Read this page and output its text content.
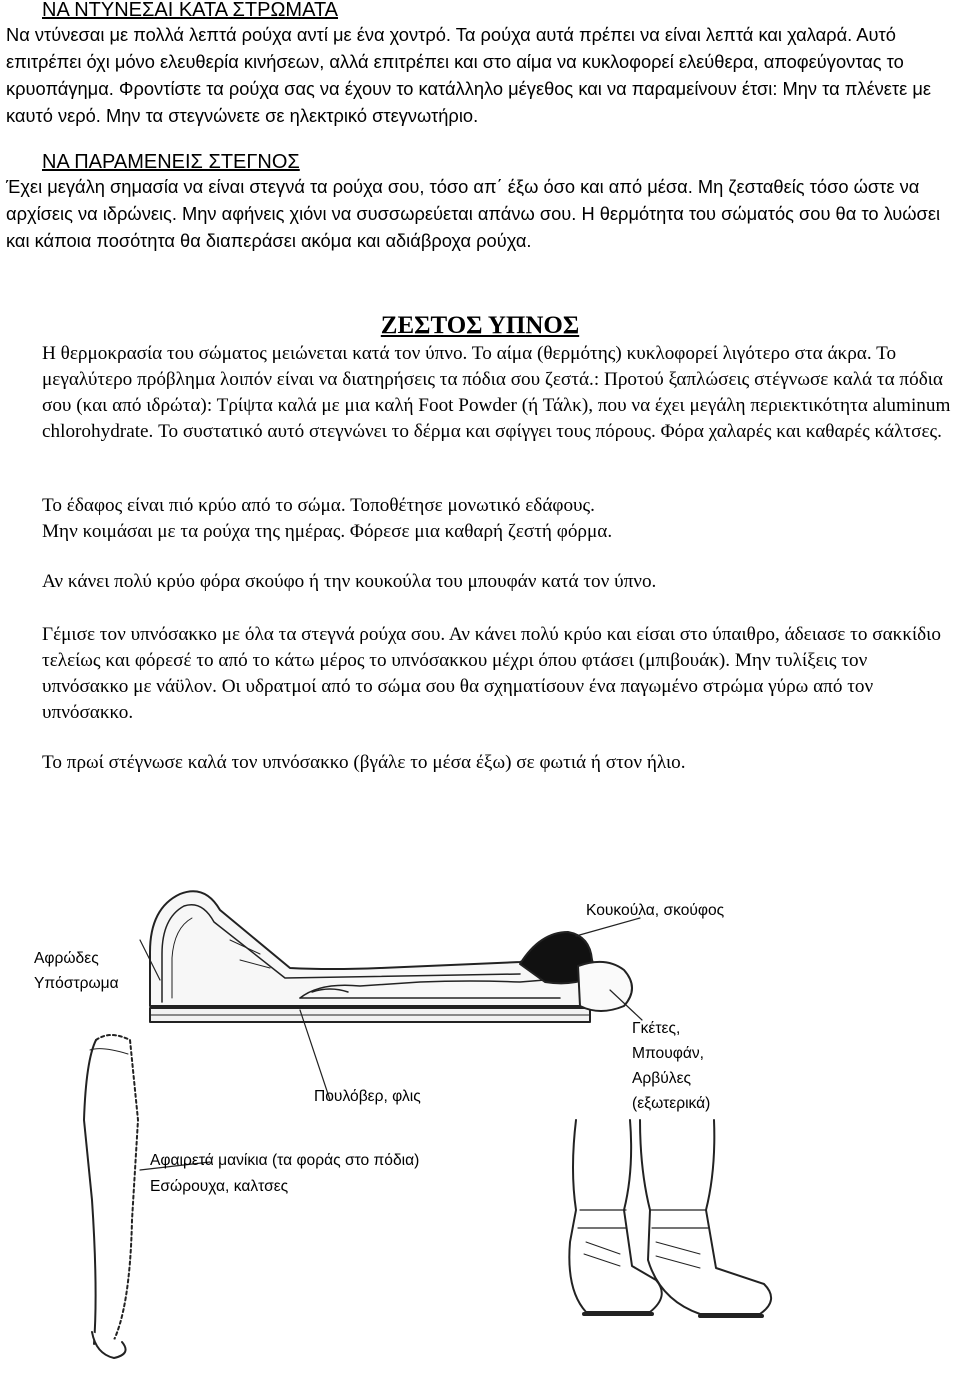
ΝΑ ΝΤΥΝΕΣΑΙ ΚΑΤΑ ΣΤΡΩΜΑΤΑ

Να ντύνεσαι με πολλά λεπτά ρούχα αντί με ένα χοντρό. Τα ρούχα αυτά πρέπει να είναι λεπτά και χαλαρά. Αυτό επιτρέπει όχι μόνο ελευθερία κινήσεων, αλλά επιτρέπει και στο αίμα να κυκλοφορεί ελεύθερα, αποφεύγοντας το κρυοπάγημα. Φροντίστε τα ρούχα σας να έχουν το κατάλληλο μέγεθος και να παραμείνουν έτσι: Μην τα πλένετε με καυτό νερό. Μην τα στεγνώνετε σε ηλεκτρικό στεγνωτήριο.

ΝΑ ΠΑΡΑΜΕΝΕΙΣ ΣΤΕΓΝΟΣ

Έχει μεγάλη σημασία να είναι στεγνά τα ρούχα σου, τόσο απ΄ έξω όσο και από μέσα. Μη ζεσταθείς τόσο ώστε να αρχίσεις να ιδρώνεις. Μην αφήνεις χιόνι να συσσωρεύεται απάνω σου. Η θερμότητα του σώματός σου θα το λυώσει και κάποια ποσότητα θα διαπεράσει ακόμα και αδιάβροχα ρούχα.

ΖΕΣΤΟΣ ΥΠΝΟΣ

Η θερμοκρασία του σώματος μειώνεται κατά τον ύπνο. Το αίμα (θερμότης) κυκλοφορεί λιγότερο στα άκρα. Το μεγαλύτερο πρόβλημα λοιπόν είναι να διατηρήσεις τα πόδια σου ζεστά.: Προτού ξαπλώσεις στέγνωσε καλά τα πόδια σου (και από ιδρώτα): Τρίψτα καλά με μια καλή Foot Powder (ή Τάλκ), που να έχει μεγάλη περιεκτικότητα aluminum chlorohydrate. Το συστατικό αυτό στεγνώνει το δέρμα και σφίγγει τους πόρους. Φόρα χαλαρές και καθαρές κάλτσες.

Το έδαφος είναι πιό κρύο από το σώμα. Τοποθέτησε μονωτικό εδάφους.

Μην κοιμάσαι με τα ρούχα της ημέρας. Φόρεσε μια καθαρή ζεστή φόρμα.

Αν κάνει πολύ κρύο φόρα σκούφο ή την κουκούλα του μπουφάν κατά τον ύπνο.

Γέμισε τον υπνόσακκο με όλα τα στεγνά ρούχα σου. Αν κάνει πολύ κρύο και είσαι στο ύπαιθρο, άδειασε το σακκίδιο τελείως και φόρεσέ το από το κάτω μέρος το υπνόσακκου μέχρι όπου φτάσει (μπιβουάκ). Μην τυλίξεις τον υπνόσακκο με νάϋλον. Οι υδρατμοί από το σώμα σου θα σχηματίσουν ένα παγωμένο στρώμα γύρω από τον υπνόσακκο.

Το πρωί στέγνωσε καλά τον υπνόσακκο (βγάλε το μέσα έξω) σε φωτιά ή στον ήλιο.

Κουκούλα, σκούφος
Αφρώδες
Υπόστρωμα
Γκέτες,
Μπουφάν,
Αρβύλες
(εξωτερικά)
Πουλόβερ, φλις
Αφαιρετά μανίκια (τα φοράς στο πόδια)
Εσώρουχα, καλτσες
